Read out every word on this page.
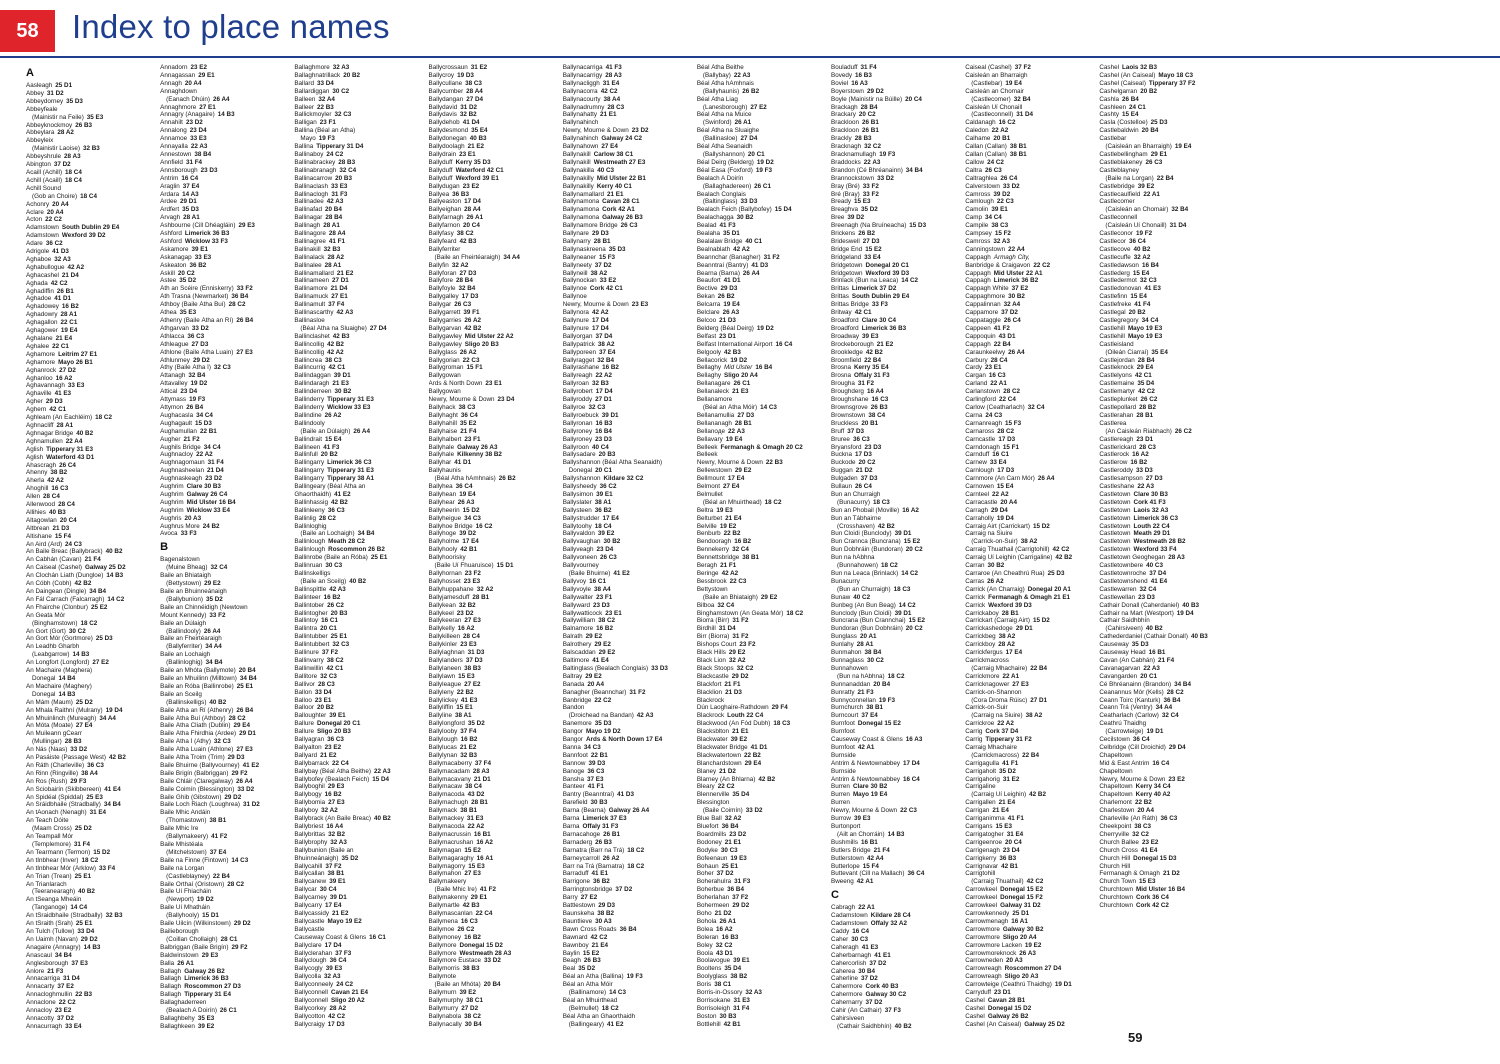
58	Index to place names
A
Aasleagh 25 D1
Abbey 31 D2
Abbeydorney 35 D3
Abbeyfeale
(Mainistir na Feile) 35 E3
Abbeyknockmoy 26 B3
Abbeylara 28 A2
Abbeyleix
(Mainistir Laoise) 32 B3
Abbeyshrule 28 A3
Abington 37 D2
Acaill (Achill) 18 C4
Achill (Acaill) 18 C4
Achill Sound
(Gob an Choire) 18 C4
Achonry 20 A4
Aclare 20 A4
Acton 22 C2
Adamstown South Dublin 29 E4
Adamstown Wexford 39 D2
Adare 36 C2
Adrigole 41 D3
Aghaboe 32 A3
Aghabullogue 42 A2
Aghacashel 21 D4
Aghada 42 C2
Aghadiffin 26 B1
Aghadoe 41 D1
Aghadowey 16 B2
Aghadowry 28 A1
Aghagallon 22 C1
Aghagower 19 E4
Aghalane 21 E4
Aghalee 22 C1
Aghamore Leitrim 27 E1
Aghamore Mayo 26 B1
Aghanrock 27 D2
Aghanloo 16 A2
Aghavannagh 33 E3
Aghaville 41 E3
Agher 29 D3
Aghern 42 C1
Aghleam (An Eachléim) 18 C2
Aghnacliff 28 A1
Aghnagar Bridge 40 B2
Aghnamullen 22 A4
Aglish Tipperary 31 E3
Aglish Waterford 43 D1
Ahascragh 26 C4
Ahenny 38 B2
Aherla 42 A2
Ahoghill 16 C3
Allen 28 C4
Allenwood 28 C4
Allihies 40 B3
Altagowlan 20 C4
Altbrean 21 D3
Altishane 15 F4
An Aird (Ard) 24 C3
An Baile Breac (Ballybrack) 40 B2
An Cabhán (Cavan) 21 F4
An Caiseal (Cashel) Galway 25 D2
An Clochán Liath (Dungloe) 14 B3
An Cóbh (Cobh) 42 B2
An Daingean (Dingle) 34 B4
An Fál Carrach (Falcarragh) 14 C2
An Fhairche (Clonbur) 25 E2
An Geata Mór
(Binghamstown) 18 C2
An Gort (Gort) 30 C2
An Gort Mór (Gortmore) 25 D3
An Leadhb Gharbh
(Leabgarrow) 14 B3
An Longfort (Longford) 27 E2
An Machaire (Maghera)
Donegal 14 B4
An Machaire (Maghery)
Donegal 14 B3
An Mám (Maum) 25 D2
An Mhala Raithní (Mulrany) 19 D4
An Mhuinlinch (Mureagh) 34 A4
An Móta (Moate) 27 E4
An Muileann gCearr
(Mullingar) 28 B3
An Nás (Naas) 33 D2
An Pasáiste (Passage West) 42 B2
An Ráth (Charleville) 36 C3
An Rinn (Ringville) 38 A4
An Ros (Rush) 29 F3
An Sciobairín (Skibbereen) 41 E4
An Spidéal (Spiddal) 25 E3
An Sráidbhaile (Stradbally) 34 B4
An tAonach (Nenagh) 31 E4
An Teach Dóite
(Maam Cross) 25 D2
An Teampall Mór
(Templemore) 31 F4
An Tearmann (Termon) 15 D2
An tInbhear (Inver) 18 C2
An tInbhear Mór (Arklow) 33 F4
An Trian (Trean) 25 E1
An Trianlarach
(Teeranearagh) 40 B2
An tSeanga Mheáin
(Tanganoge) 14 C4
An tSraidbhaile (Stradbally) 32 B3
An tSraith (Srah) 25 E1
An Tulch (Tullow) 33 D4
An Uaimh (Navan) 29 D2
Anagaire (Annagry) 14 B3
Anascaul 34 B4
Anglesborough 37 E3
Anlore 21 F3
Annacarriga 31 D4
Annacarty 37 E2
Annacloghmullin 22 B3
Annaclone 22 C2
Annacloy 23 E2
Annacotty 37 D2
Annacurragh 33 E4
Annadorn 23 E2
Annagassan 29 E1
Annagh 20 A4
Annaghdown
(Eanach Dhúin) 26 A4
Annaghmore 27 E1
Annagry (Anagaire) 14 B3
Annahilt 23 D2
Annalong 23 D4
Annamoe 33 E3
Annayalla 22 A3
Annestown 38 B4
Annfield 31 F4
Annsborough 23 D3
Antrim 16 C4
Araglin 37 E4
Ardara 14 A3
Ardee 29 D1
Ardfert 35 D3
Arvagh 28 A1
Ashbourne (Cill Dhéagláin) 29 E3
Ashford Limerick 36 B3
Ashford Wicklow 33 F3
Askamore 39 E1
Askanagap 33 E3
Askeaton 36 B2
Askill 20 C2
Astee 35 D2
Áth an Scéire (Enniskerry) 33 F2
Áth Trasna (Newmarket) 36 B4
Athboy (Baile Átha Buí) 28 C2
Athea 35 E3
Athenry (Baile Átha an Rí) 26 B4
Athgarvan 33 D2
Athlacca 36 C3
Athleague 27 D3
Athlone (Baile Átha Luain) 27 E3
Athlunmey 29 D2
Athy (Baile Átha Í) 32 C3
Attanagh 32 B4
Attavalley 19 D2
Attical 23 D4
Attymass 19 F3
Attymon 26 B4
Aughacasla 34 C4
Aughagault 15 D3
Aughamullan 22 B1
Augher 21 F2
Aughils Bridge 34 C4
Aughnacloy 22 A2
Aughnagomaun 31 F4
Aughnasheelan 21 D4
Aughnaskeagh 23 D2
Aughrim Clare 30 B3
Aughrim Galway 26 C4
Aughrim Mid Ulster 16 B4
Aughrim Wicklow 33 E4
Aughris 20 A3
Aughrus More 24 B2
Avoca 33 F3
B
Bagenalstown
(Muine Bheag) 32 C4
Baile an Bhiataigh
(Bettystown) 29 E2
Baile an Bhuinneánaigh
(Ballybunion) 35 D2
Baile an Chinnéidigh (Newtown
Mount Kennedy) 33 F2
Baile an Dúlaigh
(Ballindooly) 26 A4
Baile an Fheirtéaraigh
(Ballyferriter) 34 A4
Baile an Lochaigh
(Ballinloghig) 34 B4
Baile an Mhóta (Ballymote) 20 B4
Baile an Mhuilinn (Milltown) 34 B4
Baile an Róba (Ballinrobe) 25 E1
Baile an Sceilg
(Ballinskelligs) 40 B2
Baile Átha an Rí (Athenry) 26 B4
Baile Átha Buí (Athboy) 28 C2
Baile Átha Cliath (Dublin) 29 E4
Baile Átha Fhirdhia (Ardee) 29 D1
Baile Átha Í (Athy) 32 C3
Baile Átha Luain (Athlone) 27 E3
Baile Átha Troim (Trim) 29 D3
Baile Bhuirne (Ballyvourney) 41 E2
Baile Brigín (Balbriggan) 29 F2
Baile Chláir (Claregalway) 26 A4
Baile Coimín (Blessington) 33 D2
Baile Ghib (Gibstown) 29 D2
Baile Loch Riach (Loughrea) 31 D2
Baile Mhic Andáin
(Thomastown) 38 B1
Baile Mhic Íre
(Ballymakeery) 41 F2
Baile Mhistéala
(Mitchelstown) 37 E4
Baile na Finne (Fintown) 14 C3
Baile na Lorgan
(Castleblayney) 22 B4
Baile Orthaí (Oristown) 28 C2
Baile Uí Fhiacháin
(Newport) 19 D2
Baile Uí Mhatháin
(Ballyhooly) 15 D1
Baile Uilcín (Wilkinstown) 29 D2
Bailieborough
(Coillan Chollaigh) 28 C1
Balbriggan (Baile Brigín) 29 F2
Baldwinstown 29 E3
Balla 26 A1
Ballagh Galway 26 B2
Ballagh Limerick 36 B3
Ballagh Roscommon 27 D3
Ballagh Tipperary 31 E4
Ballaghaderreen
(Bealach A Doirín) 26 C1
Ballaghbehy 35 E3
Ballaghkeen 39 E2
Ballaghmore 32 A3
Ballaghnatrillack 20 B2
Ballard 33 D4
Ballardiggan 30 C2
Balleen 32 A4
Balleer 22 B3
Ballickmoyler 32 C3
Balligan 23 F1
Ballina (Béal an Átha)
Mayo 19 F3
Ballina Tipperary 31 D4
Ballinaboy 24 C2
Ballinabrackey 28 B3
Ballinabranagh 32 C4
Ballinacarrow 20 B3
Ballinaclash 33 E3
Ballinaclogh 31 F3
Ballinadee 42 A3
Ballinafad 20 B4
Ballinagar 28 B4
Ballinagh 28 A1
Ballinagore 28 A4
Ballinagree 41 F1
Ballinakill 32 B3
Ballinalack 28 A2
Ballinalee 28 A1
Ballinamallard 21 E2
Ballinameen 27 D1
Ballinamore 21 D4
Ballinamuck 27 E1
Ballinamult 37 F4
Ballinascarthy 42 A3
Ballinasloe
(Béal Átha na Sluaighe) 27 D4
Ballinclashet 42 B3
Ballincollig 42 B2
Ballincollig 42 A2
Ballincrea 38 C3
Ballincurrig 42 C1
Ballindaggan 39 D1
Ballindaragh 21 E3
Ballinderreen 30 B2
Ballinderry Tipperary 31 E3
Ballinderry Wicklow 33 E3
Ballindine 26 A2
Ballindooly
(Baile an Dúlaigh) 26 A4
Ballindrait 15 E4
Ballineen 41 F3
Ballinfull 20 B2
Ballingarry Limerick 36 C3
Ballingarry Tipperary 31 E3
Ballingarry Tipperary 38 A1
Ballingeary (Béal Átha an
Ghaorthaidh) 41 E2
Ballinhassig 42 B2
Ballinleeny 36 C3
Ballinlig 28 C2
Ballinloghig
(Baile an Lochaigh) 34 B4
Ballinlough Meath 28 C2
Ballinlough Roscommon 26 B2
Ballinrobe (Baile an Róba) 25 E1
Ballinruan 30 C3
Ballinskelligs
(Baile an Sceilg) 40 B2
Ballinspittle 42 A3
Ballinteer 16 B2
Ballintober 26 C2
Ballintogher 20 B3
Ballintoy 16 C1
Ballintra 20 C1
Ballintubber 25 E1
Ballintubbert 32 C3
Ballinure 37 F2
Ballinvarry 38 C2
Ballinwillin 42 C1
Ballitore 32 C3
Ballivor 28 C3
Ballon 33 D4
Balloo 23 E1
Balloor 20 B2
Balloughter 39 E1
Ballure Donegal 20 C1
Ballure Sligo 20 B3
Ballyagran 36 C3
Ballyalton 23 E2
Ballyard 21 E2
Ballybarrack 22 C4
Ballybay (Béal Átha Beithe) 22 A3
Ballybofey (Bealach Feich) 15 D4
Ballyboghil 29 E3
Ballybogy 16 B2
Ballybomia 27 E3
Ballyboy 32 A2
Ballybrack (An Baile Breac) 40 B2
Ballybriest 16 A4
Ballybrittas 32 B2
Ballybrophy 32 A3
Ballybunion (Baile an
Bhuinneánaigh) 35 D2
Ballycahill 37 F2
Ballycallan 38 B1
Ballycanew 39 E1
Ballycar 30 C4
Ballycarney 39 D1
Ballycarry 17 E4
Ballycassidy 21 E2
Ballycastle Mayo 19 E2
Ballycastle
Causeway Coast & Glens 16 C1
Ballyclare 17 D4
Ballyclerahan 37 F3
Ballyclough 36 C4
Ballycogly 39 E3
Ballycolla 32 A3
Ballyconneely 24 C2
Ballyconnell Cavan 21 E4
Ballyconnell Sligo 20 A2
Ballycorkey 28 A2
Ballycotton 42 C2
Ballycraigy 17 D3
Ballycrossaun 31 E2
Ballycroy 19 D3
Ballycullane 38 C3
Ballycumber 28 A4
Ballydangan 27 D4
Ballydavid 31 D2
Ballydavis 32 B2
Ballydehob 41 D4
Ballydesmond 35 E4
Ballydonegan 40 B3
Ballydoolagh 21 E2
Ballydrain 23 E1
Ballyduff Kerry 35 D3
Ballyduff Waterford 42 C1
Ballyduff Wexford 39 E1
Ballydugan 23 E2
Ballyea 36 B3
Ballyeaston 17 D4
Ballyeighan 28 A4
Ballyfarnagh 26 A1
Ballyfarnon 20 C4
Ballyfasy 38 C2
Ballyfeard 42 B3
Ballyferriter
(Baile an Fheirtéaraigh) 34 A4
Ballyfin 32 A2
Ballyforan 27 D3
Ballyfore 28 B4
Ballyfoyle 32 B4
Ballygalley 17 D3
Ballygar 26 C3
Ballygarrett 39 F1
Ballygarries 26 A2
Ballygarvan 42 B2
Ballygawley Mid Ulster 22 A2
Ballygawley Sligo 20 B3
Ballyglass 26 A2
Ballygorian 22 C3
Ballygroman 15 F1
Ballygowan
Ards & North Down 23 E1
Ballygowan
Newry, Mourne & Down 23 D4
Ballyhack 38 C3
Ballyhaght 36 C4
Ballyhahill 35 E2
Ballyhaise 21 F4
Ballyhalbert 23 F1
Ballyhale Galway 26 A3
Ballyhale Kilkenny 38 B2
Ballyhar 41 D1
Ballyhaunis
(Béal Átha hAmhnais) 26 B2
Ballyhea 36 C4
Ballyhean 19 E4
Ballyhear 26 A3
Ballyheerin 15 D2
Ballyheigue 34 C3
Ballyhoe Bridge 16 C2
Ballyhoge 39 D2
Ballyholme 17 E4
Ballyhooly 42 B1
Ballyhoorisky
(Baile Uí Fhuaruisce) 15 D1
Ballyhornan 23 F2
Ballyhosset 23 E3
Ballyhuppahane 32 A2
Ballyjamesduff 28 B1
Ballykean 32 B2
Ballykeel 23 D2
Ballykeeran 27 E3
Ballykelly 16 A2
Ballykilleen 28 C4
Ballykinler 23 E3
Ballylaghnan 31 D3
Ballylanders 37 D3
Ballylaneen 38 B3
Ballylawn 15 E3
Ballyleague 27 E2
Ballyleny 22 B2
Ballylickey 41 E3
Ballyliffin 15 E1
Ballyline 38 A1
Ballylongford 35 D2
Ballylooby 37 F4
Ballylough 16 B2
Ballylucas 21 E2
Ballylynan 32 B3
Ballymacaberry 37 F4
Ballymacadam 28 A3
Ballymacavany 21 D1
Ballymacaw 38 C4
Ballymacoda 43 D2
Ballymachugh 28 B1
Ballymack 38 B1
Ballymackey 31 E3
Ballymacoda 22 A2
Ballymacrussin 16 B1
Ballymacrushan 16 A2
Ballymagan 15 E2
Ballymagaraghy 16 A1
Ballymagorry 15 E3
Ballymahon 27 E3
Ballymakeery
(Baile Mhic Íre) 41 F2
Ballymakenny 29 E1
Ballymartle 42 B3
Ballymascanlan 22 C4
Ballymena 16 C3
Ballymoe 26 C2
Ballymoney 16 B2
Ballymore Donegal 15 D2
Ballymore Westmeath 28 A3
Ballymore Eustace 33 D2
Ballymorris 38 B3
Ballymote
(Baile an Mhóta) 20 B4
Ballymurn 39 E2
Ballymurphy 38 C1
Ballymurry 27 D2
Ballynabola 38 C2
Ballynacally 30 B4
Ballynacarriga 41 F3
Ballynacarrigy 28 A3
Ballynacliggh 31 E4
Ballynacorra 42 C2
Ballynacourty 38 A4
Ballynadrumny 28 C3
Ballynahatty 21 E1
Ballynahinch
Newry, Mourne & Down 23 D2
Ballynahinch Galway 24 C2
Ballynahown 27 E4
Ballynakill Carlow 38 C1
Ballynakill Westmeath 27 E3
Ballynakilla 40 C3
Ballynakilly Mid Ulster 22 B1
Ballynakilly Kerry 40 C1
Ballynamallard 21 E1
Ballynamona Cavan 28 C1
Ballynamona Cork 42 A1
Ballynamona Galway 26 B3
Ballynamore Bridge 26 C3
Ballynare 29 D3
Ballynarry 28 B1
Ballynaskreena 35 D3
Ballyneaner 15 F3
Ballyneety 37 D2
Ballyneill 38 A2
Ballynockan 33 E2
Ballynoe Cork 42 C1
Ballynoe
Newry, Mourne & Down 23 E3
Ballynora 42 A2
Ballynure 17 D4
Ballynure 17 D4
Ballyorgan 37 D4
Ballypatrick 38 A2
Ballyporeen 37 E4
Ballyragget 32 B4
Ballyrashane 16 B2
Ballyreagh 22 A2
Ballyroan 32 B3
Ballyrobert 17 D4
Ballyroddy 27 D1
Ballyroe 32 C3
Ballyroebuck 39 D1
Ballyronan 16 B3
Ballyroney 16 B4
Ballyroney 23 D3
Ballyroon 40 C4
Ballysadare 20 B3
Ballyshannon (Béal Átha Seanaidh)
Donegal 20 C1
Ballyshannon Kildare 32 C2
Ballysheedy 36 C2
Ballysimon 39 E1
Ballyslater 38 A1
Ballysteen 36 B2
Ballystrudder 17 E4
Ballytoohy 18 C4
Ballyvaldon 39 E2
Ballyvaughan 30 B2
Ballyveagh 23 D4
Ballyvoneen 26 C3
Ballyvourney
(Baile Bhuirne) 41 E2
Ballyvoy 16 C1
Ballyvoyle 38 A4
Ballywalter 23 F1
Ballyward 23 D3
Ballywatticock 23 E1
Ballywilliam 38 C2
Balnamore 16 B2
Balrath 29 E2
Balrothery 29 E2
Balscaddan 29 E2
Baltimore 41 E4
Baltinglass (Bealach Conglais) 33 D3
Baltray 29 E2
Banada 20 A4
Banagher (Beannchar) 31 F2
Banbridge 22 C2
Bandon
(Droichead na Bandan) 42 A3
Banemore 35 D3
Bangor Mayo 19 D2
Bangor Ards & North Down 17 E4
Banna 34 C3
Bannfoot 22 B1
Bannow 39 D3
Banoge 36 C3
Bansha 37 E3
Banteer 41 F1
Bantry (Beanntraí) 41 D3
Barefield 30 B3
Barna (Bearna) Galway 26 A4
Barna Limerick 37 E3
Barna Offaly 31 F3
Barnacahoge 26 B1
Barnaderg 26 B3
Barnatra (Barr na Trá) 18 C2
Barneycarroll 26 A2
Barr na Trá (Barnatra) 18 C2
Barraduff 41 E1
Barrigone 36 B2
Barringtonsbridge 37 D2
Barry 27 E2
Battlestown 29 D3
Baunskeha 38 B2
Bauntlieve 30 A3
Bawn Cross Roads 36 B4
Bawnard 42 C2
Bawnboy 21 E4
Baylin 15 E2
Beagh 26 B3
Beal 35 D2
Béal an Átha (Ballina) 19 F3
Béal an Átha Móir
(Ballinamore) 14 C3
Béal an Mhuirthead
(Belmullet) 18 C2
Béal Átha an Ghaorthaidh
(Ballingeary) 41 E2
Béal Átha Beithe
(Ballybay) 22 A3
Béal Átha hAmhnais
(Ballyhaunis) 26 B2
Béal Átha Liag
(Lanesborough) 27 E2
Béal Átha na Muice
(Swinford) 26 A1
Béal Átha na Sluaighe
(Ballinasloe) 27 D4
Béal Átha Seanaidh
(Ballyshannon) 20 C1
Béal Deirg (Belderg) 19 D2
Béal Easa (Foxford) 19 F3
Bealach A Doirín
(Ballaghadereen) 26 C1
Bealach Conglais
(Baltinglass) 33 D3
Bealach Feich (Ballybofey) 15 D4
Bealachagga 30 B2
Bealad 41 F3
Bealaha 35 D1
Bealalaw Bridge 40 C1
Bealnablath 42 A2
Beannchar (Banagher) 31 F2
Beanntraí (Bantry) 41 D3
Bearna (Barna) 26 A4
Beaufort 41 D1
Bective 29 D3
Bekan 26 B2
Belcarra 19 E4
Belclare 26 A3
Belcoo 21 D3
Belderg (Béal Deirg) 19 D2
Belfast 23 D1
Belfast International Airport 16 C4
Belgooly 42 B3
Bellacorick 19 D2
Bellaghy Mid Ulster 16 B4
Bellaghy Sligo 20 A4
Bellanagare 26 C1
Bellanaleck 21 E3
Bellanamore
(Béal an Átha Móir) 14 C3
Bellanamullia 27 D3
Bellananagh 28 B1
Bellanoде 22 A3
Bellavary 19 E4
Belleek Fermanagh & Omagh 20 C2
Belleek
Newry, Mourne & Down 22 B3
Bellewstown 29 E2
Bellmount 17 E4
Belmont 27 E4
Belmullet
(Béal an Mhuirthead) 18 C2
Beltra 19 E3
Belturbet 21 E4
Belville 19 E2
Benburb 22 B2
Bendooragh 16 B2
Bennekerry 32 C4
Bennettsbridge 38 B1
Beragh 21 F1
Beringe 42 A2
Bessbrook 22 C3
Bettystown
(Baile an Bhiataigh) 29 E2
Bilboa 32 C4
Binghamstown (An Geata Mór) 18 C2
Biorra (Birr) 31 F2
Birdhill 31 D4
Birr (Biorra) 31 F2
Bishops Court 23 F2
Black Hills 29 E2
Black Lion 32 A2
Black Stoops 32 C2
Blackcastle 29 D2
Blackfort 21 F1
Blacklion 21 D3
Blackrock
Dún Laoghaire-Rathdown 29 F4
Blackrock Louth 22 C4
Blackwood (An Fód Dubh) 18 C3
Blacksblton 21 E1
Blackwater 39 E2
Blackwater Bridge 41 D1
Blackwatertown 22 B2
Blanchardstown 29 E4
Blaney 21 D2
Blarney (An Bhlarna) 42 B2
Bleary 22 C2
Blennerville 35 D4
Blessington
(Baile Coimín) 33 D2
Blue Ball 32 A2
Bluefort 36 B4
Boardmills 23 D2
Bodoney 21 E1
Bodyke 30 C3
Bofeenaun 19 E3
Bohaun 25 E1
Boher 37 D2
Boherahulra 31 F3
Boherbue 36 B4
Boherlahan 37 F2
Bohermeen 29 D2
Boho 21 D2
Bohola 26 A1
Bolea 16 A2
Boleran 16 B3
Boley 32 C2
Boola 43 D1
Boolavogue 39 E1
Booltens 35 D4
Boolyglass 38 B2
Boris 38 C1
Borris-in-Ossory 32 A3
Borrisokane 31 E3
Borrisoleigh 31 F4
Boston 30 B3
Bottlehill 42 B1
Bouladuff 31 F4
Bovedy 16 B3
Boviel 16 A3
Boyerstown 29 D2
Boyle (Mainistir na Búille) 20 C4
Brackagh 28 B4
Brackary 20 C2
Brackloon 26 B1
Brackloon 26 B1
Brackly 28 B3
Bracknagh 32 C2
Bracknamullagh 19 F3
Braddocks 22 A3
Brandon (Cé Bhréanainn) 34 B4
Brannockstown 33 D2
Bray (Bré) 33 F2
Bré (Bray) 33 F2
Bready 15 E3
Breaghva 35 D2
Bree 39 D2
Breenagh (Na Bruíneacha) 15 D3
Brickens 26 B2
Brideswell 27 D3
Bridge End 15 E2
Bridgeland 33 E4
Bridgetown Donegal 20 C1
Bridgetown Wexford 39 D3
Brinlack (Bun na Leaca) 14 C2
Brittas Limerick 37 D2
Brittas South Dublin 29 E4
Brittas Bridge 33 F3
Britway 42 C1
Broadford Clare 30 C4
Broadford Limerick 36 B3
Broadway 39 E3
Brockeborough 21 E2
Brookledge 42 B2
Broomfield 22 B4
Brosna Kerry 35 E4
Brosna Offaly 31 F3
Brougha 31 F2
Broughderg 16 A4
Broughshane 16 C3
Brownsgrove 26 B3
Brownstown 38 C4
Bruckless 20 B1
Bruff 37 D3
Bruree 36 C3
Bryansford 23 D3
Buckna 17 D3
Buckode 20 C2
Buggan 21 D2
Bulgaden 37 D3
Bullaun 26 C4
Bun an Churraigh
(Bunacurry) 18 C3
Bun an Phobail (Moville) 16 A2
Bun an Tábhairne
(Crosshaven) 42 B2
Bun Cloidi (Bunclody) 39 D1
Bun Crannca (Buncrana) 15 E2
Bun Dobhráin (Bundoran) 20 C2
Bun na hAbhna
(Bunnahowen) 18 C2
Bun na Leaca (Brinlack) 14 C2
Bunacurry
(Bun an Churraigh) 18 C3
Bunaw 40 C2
Bunbeg (An Bun Beag) 14 C2
Bunclody (Bun Cloidi) 39 D1
Buncrana (Bun Crannchai) 15 E2
Bundoran (Bun Dobhráin) 20 C2
Bunglass 20 A1
Bunlahy 28 A1
Bunmahon 38 B4
Bunnaglass 30 C2
Bunnahowen
(Bun na hAbhna) 18 C2
Bunnanaddan 20 B4
Bunratty 21 F3
Bunnyconnellan 19 F3
Burnchurch 38 B1
Burncourt 37 E4
Burnfoot Donegal 15 E2
Burnfoot
Causeway Coast & Glens 16 A3
Burnfoot 42 A1
Burnside
Antrim & Newtownabbey 17 D4
Burnside
Antrim & Newtownabbey 16 C4
Burren Clare 30 B2
Burren Mayo 19 E4
Burren
Newry, Mourne & Down 22 C3
Burrow 39 E3
Burtonport
(Ailt an Chorráin) 14 B3
Bushmills 16 B1
Butlers Bridge 21 F4
Butlerstown 42 A4
Butterlope 15 F4
Buttevant (Cill na Mallach) 36 C4
Bweeng 42 A1
C
Cabragh 22 A1
Cadamstown Kildare 28 C4
Cadamstown Offaly 32 A2
Caddy 16 C4
Caher 30 C3
Caheragh 41 E3
Caherbarnagh 41 E1
Cahercorlish 37 D2
Caherea 30 B4
Caherline 37 D2
Cahermore Cork 40 B3
Cahermore Galway 30 C2
Cahernarry 37 D2
Cahir (An Cathair) 37 F3
Cahirsiveen
(Cathair Saidhbhín) 40 B2
Caiseal (Cashel) 37 F2
Caisleán an Bharraigh
(Castlebar) 19 E4
Caisleán an Chomair
(Castlecomer) 32 B4
Caisleán Uí Chonaill
(Castleconnell) 31 D4
Caldanagh 16 C2
Caledon 22 A2
Calhame 20 B1
Callan (Callan) 38 B1
Callan (Callan) 38 B1
Callow 24 C2
Caltra 26 C3
Caltraghlea 26 C4
Calverstown 33 D2
Camross 39 D2
Camlough 22 C3
Camolin 39 E1
Camp 34 C4
Campile 38 C3
Campsey 15 F2
Camross 32 A3
Canningstown 22 A4
Cappagh Armagh City,
Banbridge & Craigavon 22 C2
Cappagh Mid Ulster 22 A1
Cappagh Limerick 36 B2
Cappagh White 37 E2
Cappaghmore 30 B2
Cappalinnan 32 A4
Cappamore 37 D2
Cappataggle 26 C4
Cappeen 41 F2
Cappoquin 43 D1
Cappagh 22 B4
Caraunkeelwy 26 A4
Carbury 28 C4
Cardy 23 E1
Cargan 16 C3
Carland 22 A1
Carlanstown 28 C2
Carlingford 22 C4
Carlow (Ceatharlach) 32 C4
Carna 24 C3
Carnanreagh 15 F3
Carnaross 28 C2
Carncastle 17 D3
Carndonagh 15 F1
Carnduff 16 C1
Carnew 33 E4
Carnlough 17 D3
Carnmore (An Carn Mór) 26 A4
Carnowen 15 E4
Carnteel 22 A2
Carracastle 20 A4
Carragh 29 D4
Carraholly 19 D4
Carraig Airt (Carrickart) 15 D2
Carraig na Siuire
(Carrick-on-Suir) 38 A2
Carraig Thuathail (Carrigtohill) 42 C2
Carraig Uí Leighin (Carrigaline) 42 B2
Carran 30 B2
Carraroe (An Cheathrú Rua) 25 D3
Carras 26 A2
Carrick (An Charraig) Donegal 20 A1
Carrick Fermanagh & Omagh 21 E1
Carrick Wexford 39 D3
Carrickaboy 28 B1
Carrickart (Carraig Airt) 15 D2
Carrickashedoge 29 D1
Carrickbeg 38 A2
Carrickboy 28 A2
Carrickfergus 17 E4
Carrickmacross
(Carraig Mhachaire) 22 B4
Carrickmore 22 A1
Carricknagower 27 E3
Carrick-on-Shannon
(Cora Droma Rúisc) 27 D1
Carrick-on-Suir
(Carraig na Siuire) 38 A2
Carrickroe 22 A2
Carrig Cork 37 D4
Carrig Tipperary 31 F2
Carraig Mhachaire
(Carrickmacross) 22 B4
Carrigagulla 41 F1
Carrigaholt 35 D2
Carrigahorig 31 E2
Carrigaline
(Carraig Uí Leighin) 42 B2
Carrigallen 21 E4
Carrigan 21 E4
Carriganimma 41 F1
Carrigans 15 E3
Carrigatogher 31 E4
Carrigeenroe 20 C4
Carrigenagh 23 D4
Carrigkerry 36 B3
Carrignavar 42 B1
Carrigtohill
(Carraig Thuathail) 42 C2
Carrowkeel Donegal 15 E2
Carrowkeel Donegal 15 F2
Carrowkeel Galway 31 D2
Carrowkennedy 25 D1
Carrowmenagh 16 A1
Carrowmore Galway 30 B2
Carrowmore Sligo 20 A4
Carrowmore Lacken 19 E2
Carrowmoreknock 26 A3
Carrowneden 20 A3
Carrowreagh Roscommon 27 D4
Carrowreagh Sligo 20 A3
Carrowteige (Ceathrú Thaidhg) 19 D1
Carryduff 23 D1
Cashel Cavan 28 B1
Cashel Donegal 15 D2
Cashel Galway 26 B2
Cashel (An Caiseal) Galway 25 D2
Cashel Laois 32 B3
Cashel (An Caiseal) Mayo 18 C3
Cashel (Caiseal) Tipperary 37 F2
Cashelgarran 20 B2
Cashla 26 B4
Cashleen 24 C1
Cashty 15 E4
Casla (Costelloe) 25 D3
Castlebaldwin 20 B4
Castlebar
(Caisleán an Bharraigh) 19 E4
Castlebellingham 29 E1
Castleblakeney 26 C3
Castleblayney
(Baile na Lorgan) 22 B4
Castlebridge 39 E2
Castlecaulfield 22 A1
Castlecomer
(Caisleán an Chomair) 32 B4
Castleconnell
(Caisleán Uí Chonaill) 31 D4
Castleconor 19 F2
Castlecor 36 C4
Castlecove 40 B2
Castlecuffe 32 A2
Castledawson 16 B4
Castlederg 15 E4
Castledermot 32 C3
Castledonovan 41 E3
Castlefinn 15 E4
Castlefreke 41 F4
Castlegal 20 B2
Castlegregory 34 C4
Castlehill Mayo 19 E3
Castlehill Mayo 19 E3
Castleisland
(Oileán Ciarraí) 35 E4
Castlejordan 28 B4
Castleknock 29 E4
Castlelyons 42 C1
Castlemaine 35 D4
Castlemartyr 42 C2
Castleplunket 26 C2
Castlepollard 28 B2
Castlerahan 28 B1
Castlerea
(An Caisleán Riabhach) 26 C2
Castlereagh 23 D1
Castlerickard 28 C3
Castlerock 16 A2
Castlerow 16 B2
Castleroddy 33 D3
Castlesampson 27 D3
Castleshane 22 A3
Castletown Clare 30 B3
Castletown Cork 41 F3
Castletown Laois 32 A3
Castletown Limerick 36 C3
Castletown Louth 22 C4
Castletown Meath 29 D1
Castletown Westmeath 28 B2
Castletown Wexford 33 F4
Castletown Geoghegan 28 A3
Castletownbere 40 C3
Castletownroche 37 D4
Castletownshend 41 E4
Castlewarren 32 C4
Castlewellan 23 D3
Cathair Donall (Caherdaniel) 40 B3
Cathair na Mart (Westport) 19 D4
Cathair Saidhbhín
(Cahirsiveen) 40 B2
Cathederdaniel (Cathair Donall) 40 B3
Causeway 35 D3
Causeway Head 16 B1
Cavan (An Cabhán) 21 F4
Cavanagarvan 22 A3
Cavangarden 20 C1
Cé Bhréanainn (Brandon) 34 B4
Ceanannus Mór (Kells) 28 C2
Ceann Toirc (Kanturk) 36 B4
Ceann Trá (Ventry) 34 A4
Ceatharlach (Carlow) 32 C4
Ceathrú Thaidhg
(Carrowteige) 19 D1
Cecilstown 36 C4
Celbridge (Cill Droichid) 29 D4
Chapeltown
Mid & East Antrim 16 C4
Chapeltown
Newry, Mourne & Down 23 E2
Chapeltown Kerry 34 C4
Chapeltown Kerry 40 A2
Charlemont 22 B2
Charlestown 20 A4
Charleville (An Ráth) 36 C3
Cheekpoint 38 C3
Cherryville 32 C2
Church Ballee 23 E2
Church Cross 41 E4
Church Hill Donegal 15 D3
Church Hill
Fermanagh & Omagh 21 D2
Church Town 15 E3
Churchtown Mid Ulster 16 B4
Churchtown Cork 36 C4
Churchtown Cork 42 C2
59
